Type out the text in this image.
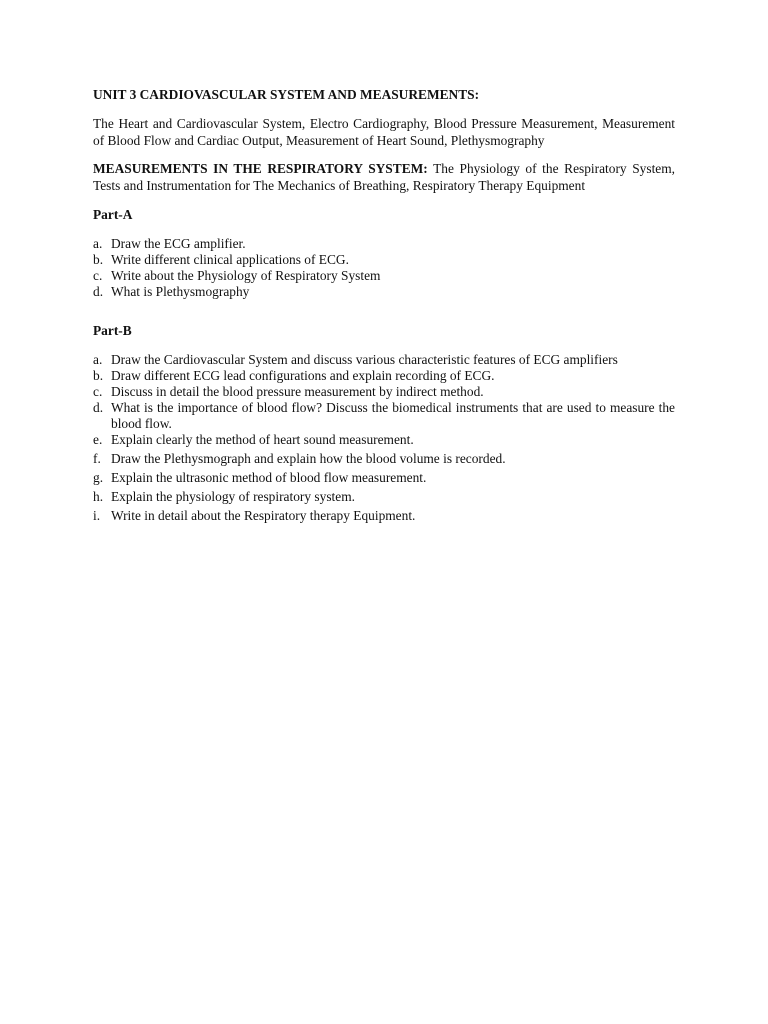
UNIT 3 CARDIOVASCULAR SYSTEM AND MEASUREMENTS:

The Heart and Cardiovascular System, Electro Cardiography, Blood Pressure Measurement, Measurement of Blood Flow and Cardiac Output, Measurement of Heart Sound, Plethysmography

MEASUREMENTS IN THE RESPIRATORY SYSTEM: The Physiology of the Respiratory System, Tests and Instrumentation for The Mechanics of Breathing, Respiratory Therapy Equipment

Part-A

a. Draw the ECG amplifier.
b. Write different clinical applications of ECG.
c. Write about the Physiology of Respiratory System
d. What is Plethysmography

Part-B

a. Draw the Cardiovascular System and discuss various characteristic features of ECG amplifiers
b. Draw different ECG lead configurations and explain recording of ECG.
c. Discuss in detail the blood pressure measurement by indirect method.
d. What is the importance of blood flow? Discuss the biomedical instruments that are used to measure the blood flow.
e. Explain clearly the method of heart sound measurement.
f. Draw the Plethysmograph and explain how the blood volume is recorded.
g. Explain the ultrasonic method of blood flow measurement.
h. Explain the physiology of respiratory system.
i. Write in detail about the Respiratory therapy Equipment.
